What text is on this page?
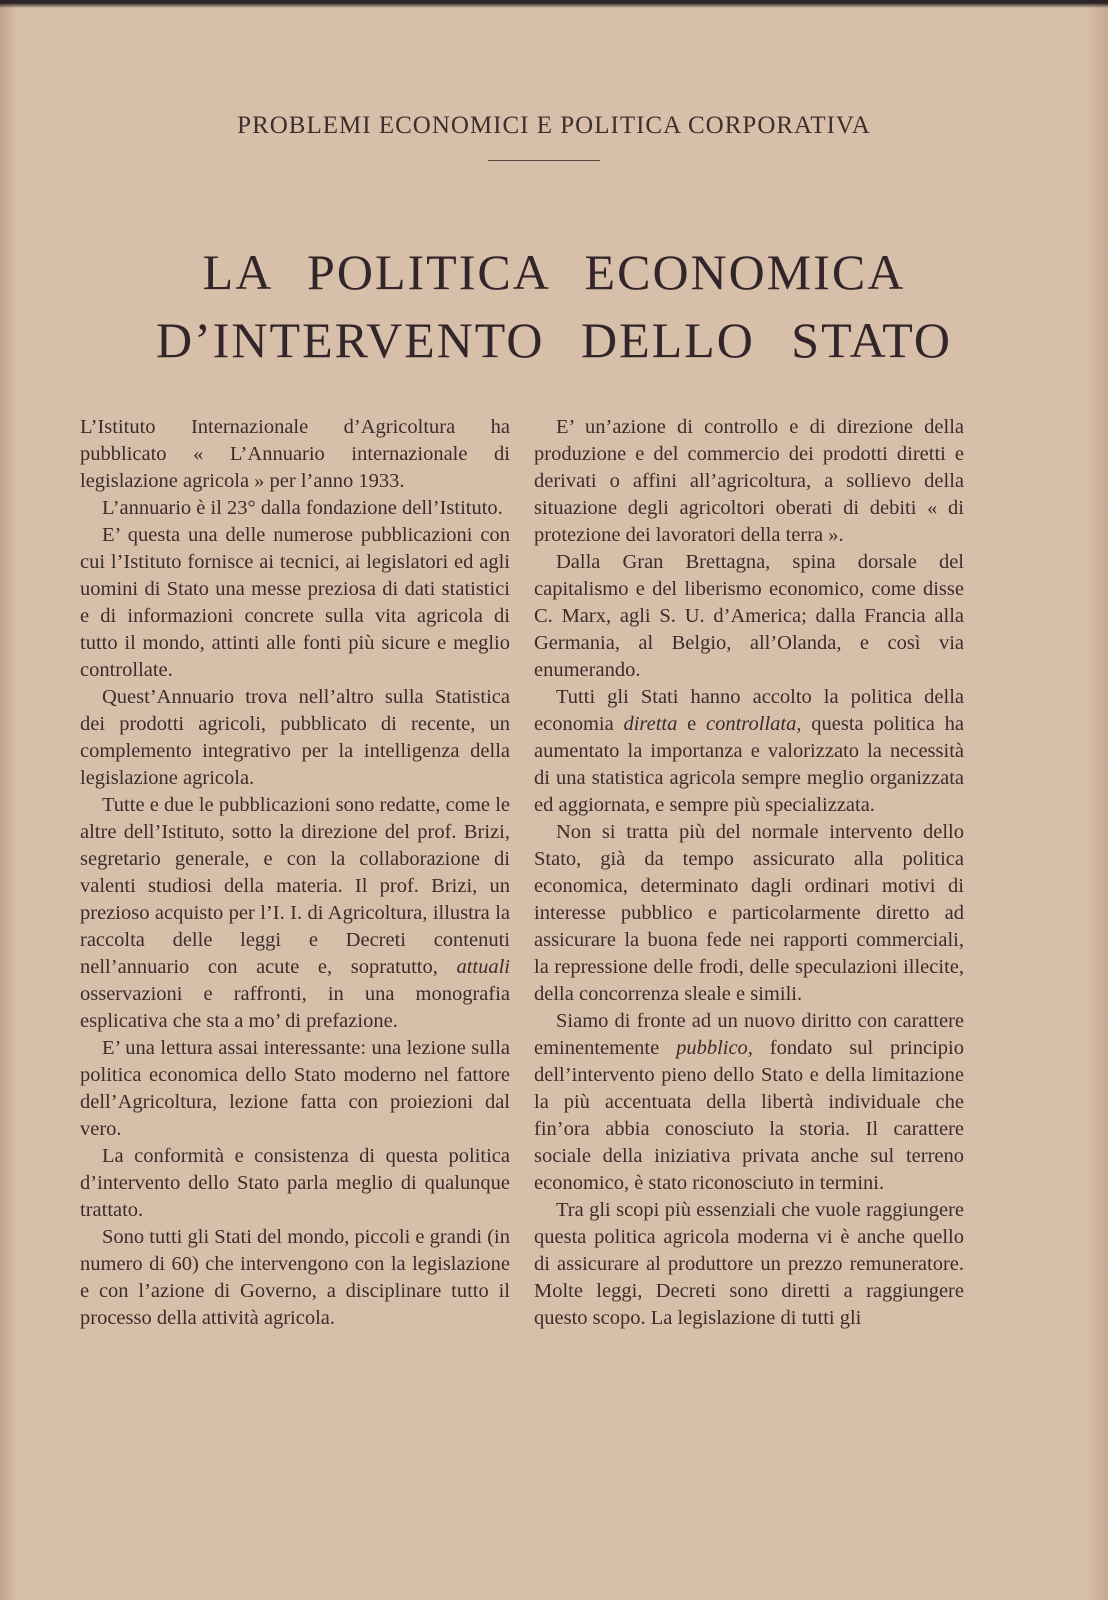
PROBLEMI ECONOMICI E POLITICA CORPORATIVA
LA POLITICA ECONOMICA
D’INTERVENTO DELLO STATO

L’Istituto Internazionale d’Agricoltura ha pubblicato « L’Annuario internazionale di legislazione agricola » per l’anno 1933.

L’annuario è il 23° dalla fondazione dell’Istituto.

E’ questa una delle numerose pubblicazioni con cui l’Istituto fornisce ai tecnici, ai legislatori ed agli uomini di Stato una messe preziosa di dati statistici e di informazioni concrete sulla vita agricola di tutto il mondo, attinti alle fonti più sicure e meglio controllate.

Quest’Annuario trova nell’altro sulla Statistica dei prodotti agricoli, pubblicato di recente, un complemento integrativo per la intelligenza della legislazione agricola.

Tutte e due le pubblicazioni sono redatte, come le altre dell’Istituto, sotto la direzione del prof. Brizi, segretario generale, e con la collaborazione di valenti studiosi della materia. Il prof. Brizi, un prezioso acquisto per l’I. I. di Agricoltura, illustra la raccolta delle leggi e Decreti contenuti nell’annuario con acute e, sopratutto, attuali osservazioni e raffronti, in una monografia esplicativa che sta a mo’ di prefazione.

E’ una lettura assai interessante: una lezione sulla politica economica dello Stato moderno nel fattore dell’Agricoltura, lezione fatta con proiezioni dal vero.

La conformità e consistenza di questa politica d’intervento dello Stato parla meglio di qualunque trattato.

Sono tutti gli Stati del mondo, piccoli e grandi (in numero di 60) che intervengono con la legislazione e con l’azione di Governo, a disciplinare tutto il processo della attività agricola.

E’ un’azione di controllo e di direzione della produzione e del commercio dei prodotti diretti e derivati o affini all’agricoltura, a sollievo della situazione degli agricoltori oberati di debiti « di protezione dei lavoratori della terra ».

Dalla Gran Brettagna, spina dorsale del capitalismo e del liberismo economico, come disse C. Marx, agli S. U. d’America; dalla Francia alla Germania, al Belgio, all’Olanda, e così via enumerando.

Tutti gli Stati hanno accolto la politica della economia diretta e controllata, questa politica ha aumentato la importanza e valorizzato la necessità di una statistica agricola sempre meglio organizzata ed aggiornata, e sempre più specializzata.

Non si tratta più del normale intervento dello Stato, già da tempo assicurato alla politica economica, determinato dagli ordinari motivi di interesse pubblico e particolarmente diretto ad assicurare la buona fede nei rapporti commerciali, la repressione delle frodi, delle speculazioni illecite, della concorrenza sleale e simili.

Siamo di fronte ad un nuovo diritto con carattere eminentemente pubblico, fondato sul principio dell’intervento pieno dello Stato e della limitazione la più accentuata della libertà individuale che fin’ora abbia conosciuto la storia. Il carattere sociale della iniziativa privata anche sul terreno economico, è stato riconosciuto in termini.

Tra gli scopi più essenziali che vuole raggiungere questa politica agricola moderna vi è anche quello di assicurare al produttore un prezzo remuneratore. Molte leggi, Decreti sono diretti a raggiungere questo scopo. La legislazione di tutti gli
